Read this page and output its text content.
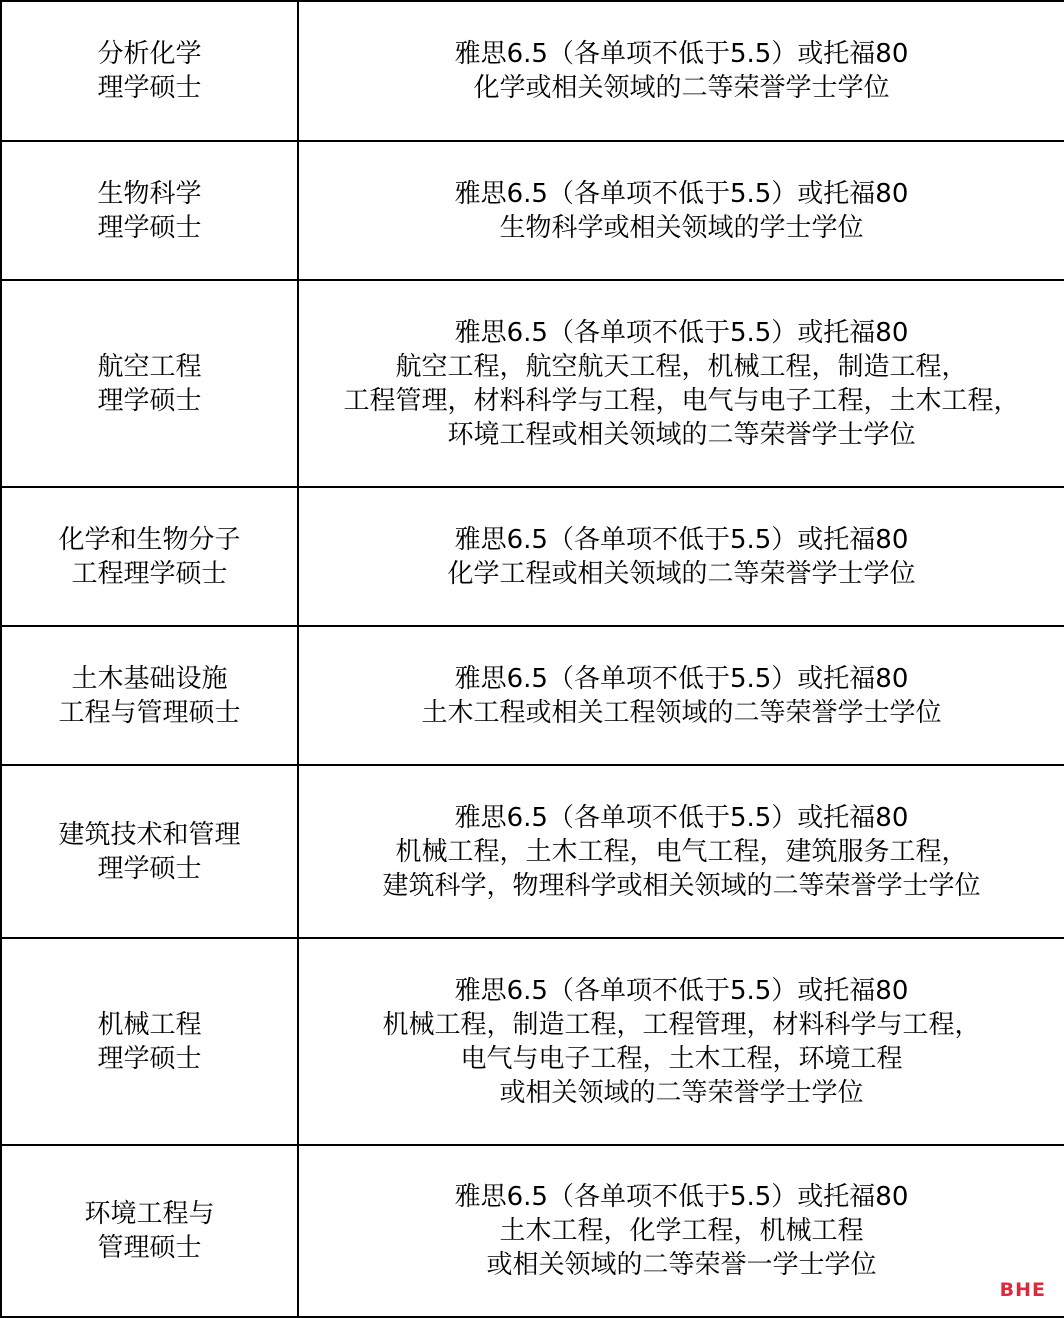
分析化学
理学硕士	雅思6.5（各单项不低于5.5）或托福80
化学或相关领域的二等荣誉学士学位

生物科学
理学硕士	雅思6.5（各单项不低于5.5）或托福80
生物科学或相关领域的学士学位

航空工程
理学硕士	雅思6.5（各单项不低于5.5）或托福80
航空工程，航空航天工程，机械工程，制造工程，
工程管理，材料科学与工程，电气与电子工程，土木工程，
环境工程或相关领域的二等荣誉学士学位

化学和生物分子
工程理学硕士	雅思6.5（各单项不低于5.5）或托福80
化学工程或相关领域的二等荣誉学士学位

土木基础设施
工程与管理硕士	雅思6.5（各单项不低于5.5）或托福80
土木工程或相关工程领域的二等荣誉学士学位

建筑技术和管理
理学硕士	雅思6.5（各单项不低于5.5）或托福80
机械工程，土木工程，电气工程，建筑服务工程，
建筑科学，物理科学或相关领域的二等荣誉学士学位

机械工程
理学硕士	雅思6.5（各单项不低于5.5）或托福80
机械工程，制造工程，工程管理，材料科学与工程，
电气与电子工程，土木工程，环境工程
或相关领域的二等荣誉学士学位

环境工程与
管理硕士	雅思6.5（各单项不低于5.5）或托福80
土木工程，化学工程，机械工程
或相关领域的二等荣誉一学士学位
BHE
